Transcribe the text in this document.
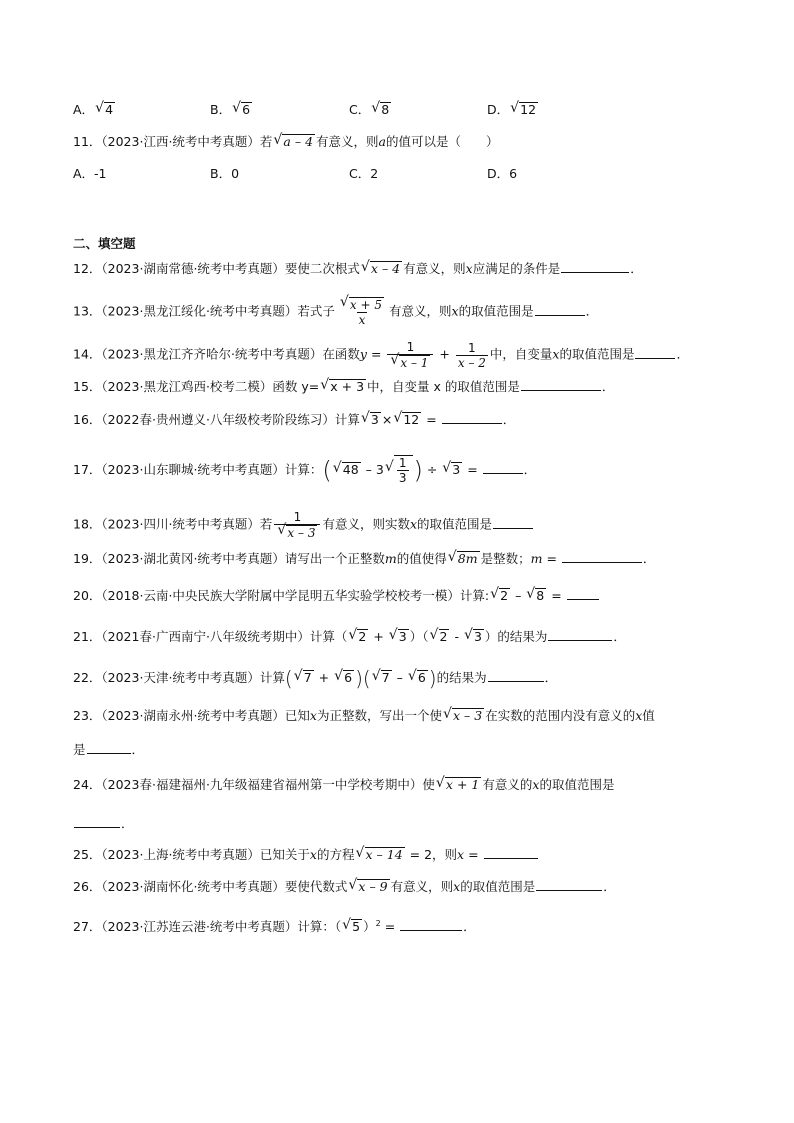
A． √ 4	B． √ 6	C． √ 8	D． √ 12
11．（2023·江西·统考中考真题）若 √ a – 4 有意义，则a的值可以是（　　）
A．-1	B．0	C．2	D．6
二、填空题
12．（2023·湖南常德·统考中考真题）要使二次根式 √ x – 4 有意义，则x应满足的条件是	．
13．（2023·黑龙江绥化·统考中考真题）若式子 √ $\frac{x + 5}{x}$ 有意义，则x的取值范围是	．
14．（2023·黑龙江齐齐哈尔·统考中考真题）在函数y = 1
√ $x - 1 + \frac{1}{x - 2}$ 中，自变量x的取值范围是	．
15．（2023·黑龙江鸡西·校考二模）函数 y= √ x + 3 中，自变量 x 的取值范围是	．
16．（2022春·贵州遵义·八年级校考阶段练习）计算 √ 3 × √ 12 =	．
17．（2023·山东聊城·统考中考真题）计算：( √ 48 – 3 √ $\frac{1}{3}$ ) ÷ √ 3 =	．
18．（2023·四川·统考中考真题）若 1
√ x – 3 有意义，则实数x的取值范围是
19．（2023·湖北黄冈·统考中考真题）请写出一个正整数m的值使得 √ 8m 是整数；m =	．
20．（2018·云南·中央民族大学附属中学昆明五华实验学校校考一模）计算: √ 2 – √ 8 =
21．（2021春·广西南宁·八年级统考期中）计算（ √ 2 + √ 3 ）（ √ 2 - √ 3 ）的结果为	．
22．（2023·天津·统考中考真题）计算( √ 7 + √ 6 )( √ 7 – √ 6 )的结果为	．
23．（2023·湖南永州·统考中考真题）已知x为正整数，写出一个使 √ x – 3 在实数的范围内没有意义的x值
是	．
24．（2023春·福建福州·九年级福建省福州第一中学校考期中）使 √ x + 1 有意义的x的取值范围是
．
25．（2023·上海·统考中考真题）已知关于x的方程 √ x – 14 = 2，则x =
26．（2023·湖南怀化·统考中考真题）要使代数式 √ x – 9 有意义，则x的取值范围是	．
27．（2023·江苏连云港·统考中考真题）计算：（ √ 5 ）$^2$ =	．
